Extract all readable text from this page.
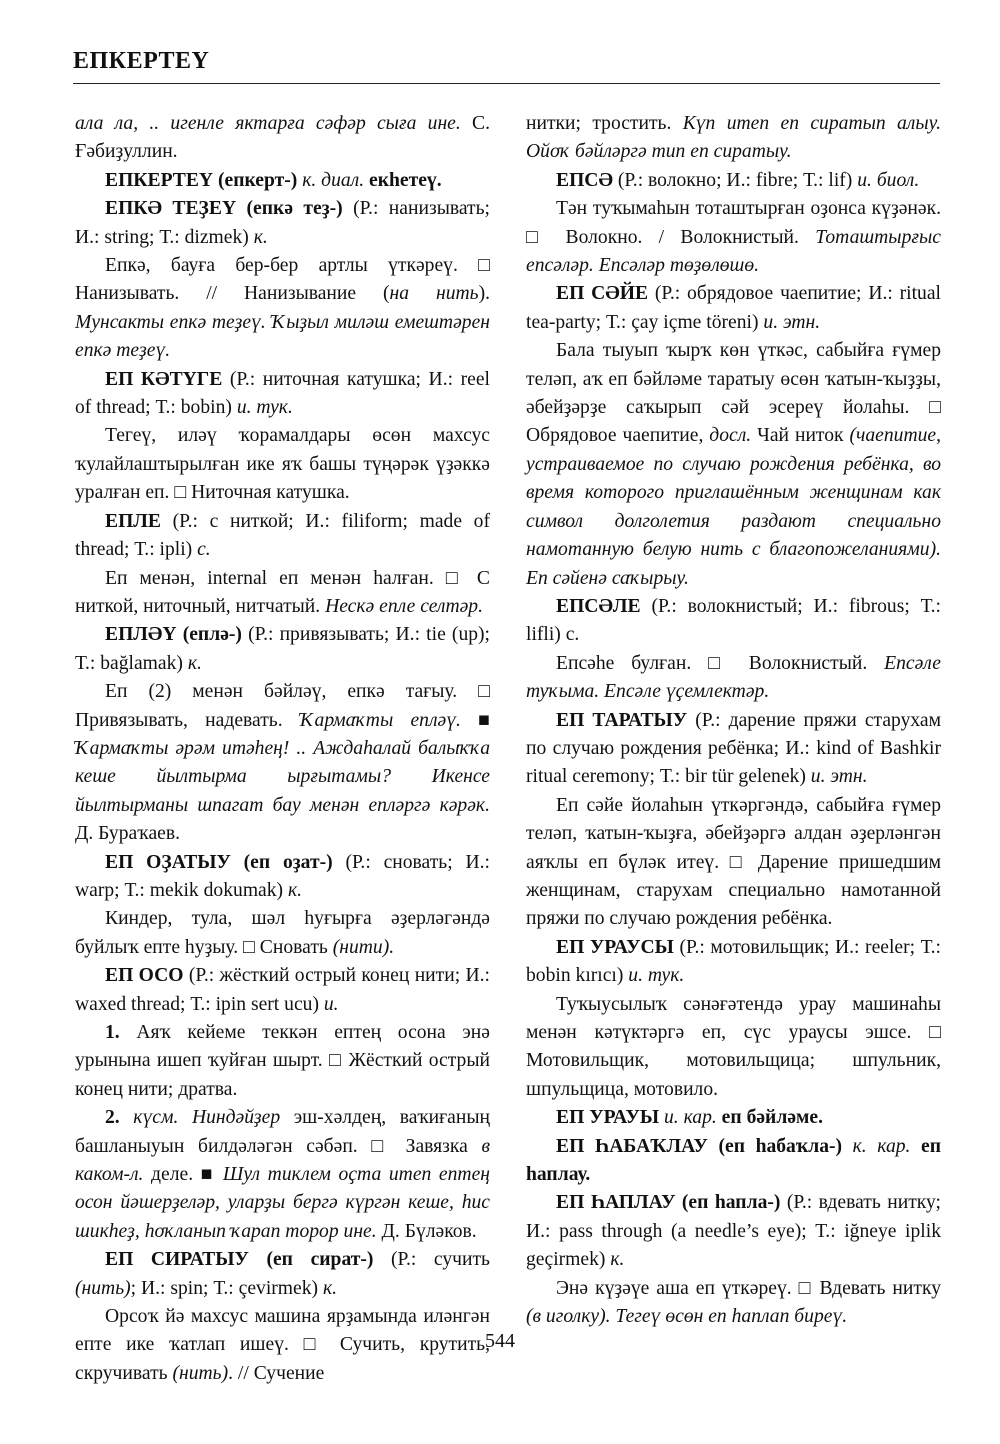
ЕПКЕРТЕҮ

ала ла, .. игенле яктарға сәфәр сыға ине. С. Ғәбиҙуллин.

ЕПКЕРТЕҮ (епкерт-) к. диал. екһетеү.

ЕПКӘ ТЕҘЕҮ (епкә теҙ-) (Р.: нанизывать; И.: string; Т.: dizmek) к.

Епкә, бауға бер-бер артлы үткәреү. □ Нанизывать. // Нанизывание (на нить). Мунсакты епкә теҙеү. Ҡыҙыл миләш емештәрен епкә теҙеү.

ЕП КӘТҮГЕ (Р.: ниточная катушка; И.: reel of thread; Т.: bobin) и. тук.

Тегеү, иләү ҡорамалдары өсөн махсус ҡулайлаштырылған ике яҡ башы түңәрәк үҙәккә уралған еп. □ Ниточная катушка.

ЕПЛЕ (Р.: с ниткой; И.: filiform; made of thread; Т.: ipli) с.

Еп менән, internal еп менән һалған. □ С ниткой, ниточный, нитчатый. Нескә епле селтәр.

ЕПЛӘҮ (еплә-) (Р.: привязывать; И.: tie (up); Т.: bağlamak) к.

Еп (2) менән бәйләү, епкә тағыу. □ Привязывать, надевать. Ҡармаҡты епләү. ■ Ҡармаҡты әрәм итәһең! .. Аждаһалай балыҡҡа кеше йылтырма ырғытамы? Икенсе йылтырманы шпагат бау менән епләргә кәрәк. Д. Бураҡаев.

ЕП ОҘАТЫУ (еп оҙат-) (Р.: сновать; И.: warp; Т.: mekik dokumak) к.

Киндер, тула, шәл һуғырға әҙерләгәндә буйлыҡ епте һуҙыу. □ Сновать (нити).

ЕП ОСО (Р.: жёсткий острый конец нити; И.: waxed thread; Т.: ipin sert ucu) и.

1. Аяҡ кейеме теккән ептең осона энә урынына ишеп ҡуйған шырт. □ Жёсткий острый конец нити; дратва.

2. күсм. Ниндәйҙер эш-хәлдең, ваҡиғаның башланыуын билдәләгән сәбәп. □ Завязка в каком-л. деле. ■ Шул тиклем оҫта итеп ептең осон йәшерҙеләр, уларҙы бергә күргән кеше, һис шикһеҙ, һоҡланып ҡарап торор ине. Д. Бүләков.

ЕП СИРАТЫУ (еп сират-) (Р.: сучить (нить); И.: spin; Т.: çevirmek) к.

Орсоҡ йә махсус машина ярҙамында иләнгән епте ике ҡатлап ишеү. □ Сучить, крутить, скручивать (нить). // Сучение

нитки; тростить. Күп итеп еп сиратып алыу. Ойоҡ бәйләргә тип еп сиратыу.

ЕПСӘ (Р.: волокно; И.: fibre; Т.: lif) и. биол.

Тән туҡымаһын тоташтырған оҙонса күҙәнәк. □ Волокно. / Волокнистый. Тоташтырғыс епсәләр. Епсәләр төҙөлөшө.

ЕП СӘЙЕ (Р.: обрядовое чаепитие; И.: ritual tea-party; Т.: çay içme töreni) и. этн.

Бала тыуып ҡырҡ көн үткәс, сабыйға ғүмер теләп, аҡ еп бәйләме таратыу өсөн ҡатын-ҡыҙҙы, әбейҙәрҙе саҡырып сәй эсереү йолаһы. □ Обрядовое чаепитие, досл. Чай ниток (чаепитие, устраиваемое по случаю рождения ребёнка, во время которого приглашённым женщинам как символ долголетия раздают специально намотанную белую нить с благопожеланиями). Еп сәйенә саҡырыу.

ЕПСӘЛЕ (Р.: волокнистый; И.: fibrous; Т.: lifli) с.

Епсәһе булған. □ Волокнистый. Епсәле туҡыма. Епсәле үҫемлектәр.

ЕП ТАРАТЫУ (Р.: дарение пряжи старухам по случаю рождения ребёнка; И.: kind of Bashkir ritual ceremony; Т.: bir tür gelenek) и. этн.

Еп сәйе йолаһын үткәргәндә, сабыйға ғүмер теләп, ҡатын-ҡыҙға, әбейҙәргә алдан әҙерләнгән аяҡлы еп бүләк итеү. □ Дарение пришедшим женщинам, старухам специально намотанной пряжи по случаю рождения ребёнка.

ЕП УРАУСЫ (Р.: мотовильщик; И.: reeler; Т.: bobin kırıcı) и. тук.

Туҡыусылыҡ сәнәғәтендә урау машинаһы менән кәтүктәргә еп, сүс ураусы эшсе. □ Мотовильщик, мотовильщица; шпульник, шпульщица, мотовило.

ЕП УРАУЫ и. кар. еп бәйләме.

ЕП ҺАБАҠЛАУ (еп һабаҡла-) к. кар. еп һаплау.

ЕП ҺАПЛАУ (еп һапла-) (Р.: вдевать нитку; И.: pass through (a needle’s eye); Т.: iğneye iplik geçirmek) к.

Энә күҙәүе аша еп үткәреү. □ Вдевать нитку (в иголку). Тегеү өсөн еп һаплап биреү.

544
